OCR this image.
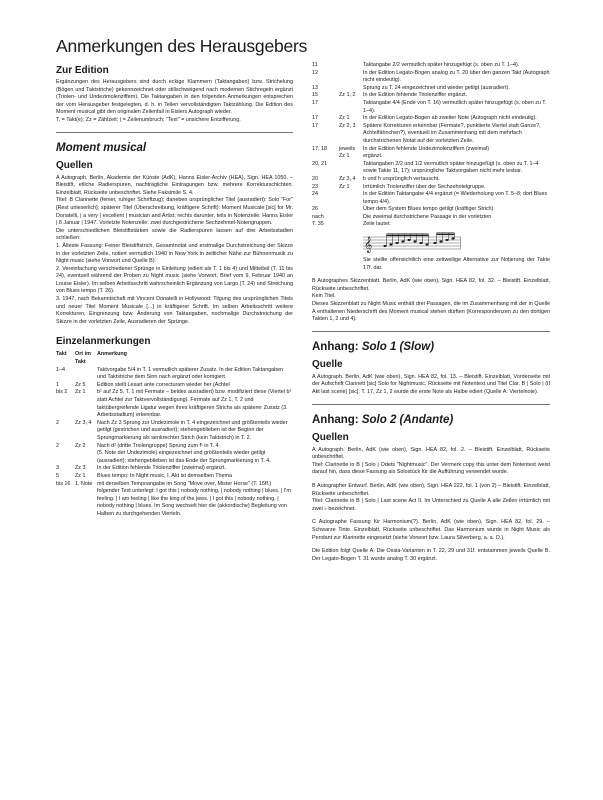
Anmerkungen des Herausgebers
Zur Edition

Ergänzungen des Herausgebers sind durch eckige Klammern (Taktangaben) bzw. Strichelung (Bögen und Taktstriche) gekennzeichnet oder stillschweigend nach modernen Stichregeln ergänzt (Triolen- und Undezimolenziffern). Die Taktangaben in den folgenden Anmerkungen entsprechen der vom Herausgeber festgelegten, d. h. in Teilen vervollständigten Taktzählung. Die Edition des Moment musical gibt den originalen Zeilenfall in Eislers Autograph wieder.

T. = Takt(e); Zz = Zählzeit; | = Zeilenumbruch; "Text" = unsichere Entzifferung.

Moment musical
Quellen

A Autograph. Berlin, Akademie der Künste (AdK), Hanns Eisler-Archiv (HEA), Sign. HEA 1050. – Bleistift, etliche Radierspuren, nachträgliche Eintragungen bzw. mehrere Korrekturschichten. Einzelblatt, Rückseite unbeschriftet. Siehe Faksimile S. 4.

Titel: B Clarinette (feiner, ruhiger Schriftzug); daneben ursprünglicher Titel (ausradiert): Solo "For" [Rest unleserlich]; späterer Titel (Überschreibung, kräftigere Schrift): Moment Musicale [sic] for Mr. Donatelli, | a very | excellent | musician and Artist; rechts darunter, teils in Notenzeile: Hanns Eisler | 8 Januar | 1947. Vorletzte Notenzeile: zwei durchgestrichene Sechzehntel-Notengruppen.

Die unterschiedlichen Bleistiftstärken sowie die Radierspuren lassen auf drei Arbeitsstadien schließen:

1. Älteste Fassung: Feiner Bleistiftstrich, Gesamtnotat und erstmalige Durchstreichung der Skizze in der vorletzten Zeile, notiert vermutlich 1940 in New York in zeitlicher Nähe zur Bühnenmusik zu Night music (siehe Vorwort und Quelle B).

2. Vereinfachung verschiedener Sprünge in Einleitung (ediert als T. 1 bis 4) und Mittelteil (T. 11 bis 24), eventuell während der Proben zu Night music (siehe Vorwort, Brief vom 9. Februar 1940 an Louise Eisler). Im selben Arbeitsschritt wahrscheinlich Ergänzung von Largo (T. 24) und Streichung von Blues tempo (T. 26).

3. 1947, nach Bekanntschaft mit Vincent Donatelli in Hollywood: Tilgung des ursprünglichen Titels und neuer Titel Moment Musicale [...] in kräftigerer Schrift. Im selben Arbeitsschritt weitere Korrekturen, Eingrenzung bzw. Änderung von Taktangaben, nochmalige Durchstreichung der Skizze in der vorletzten Zeile, Ausradieren der Sprünge.

Einzelanmerkungen
Takt	Ort im Takt	Anmerkung
1–4		Taktvorgabe 5/4 in T. 1 vermutlich späterer Zusatz. In der Edition Taktangaben und Taktstriche dem Sinn nach ergänzt oder korrigiert.
1	Zz 5	Edition stellt Lesart ante correcturam wieder her (Achtel
bis 2	Zz 1	b¹ auf Zz 5, T. 1 mit Fermate – beides ausradiert) bzw. modifiziert diese (Viertel b¹ statt Achtel zur Taktvervollständigung). Fermate auf Zz 1, T. 2 und taktübergreifende Ligatur wegen ihres kräftigeren Strichs als späterer Zusatz (3. Arbeitsstadium) erkennbar.
2	Zz 3, 4	Nach Zz 3 Sprung zur Undezimole in T. 4 eingezeichnet und größtenteils wieder getilgt (gestrichen und ausradiert); stehengeblieben ist der Beginn der Sprungmarkierung als senkrechter Strich (kein Taktstrich) in T. 2.
2	Zz 2	Nach d² (dritte Triolengruppe) Sprung zum f¹ in T. 4
		(5. Note der Undezimole) eingezeichnet und größtenteils wieder getilgt (ausradiert); stehengeblieben ist das Ende der Sprungmarkierung in T. 4.
3	Zz 3	In der Edition fehlende Triolenziffer (zweimal) ergänzt.
5	Zz 1	Blues tempo: In Night music, I. Akt ist demselben Thema
bis 16	1. Note	mit derselben Tempoangabe im Song "Move over, Mister Horse" (T. 15ff.) folgender Text unterlegt: I got this | nobody nothing, | nobody nothing | blues. | I'm feeling. | I am feeling | like the king of the jews. | I got this | nobody nothing, | nobody nothing | blues. Im Song wechselt hier die (akkordische) Begleitung von Halben zu durchgehenden Vierteln.
11		Taktangabe 2/2 vermutlich später hinzugefügt (s. oben zu T. 1–4).
12		In der Edition Legato-Bogen analog zu T. 20 über den ganzen Takt (Autograph nicht eindeutig).
13		Sprung zu T. 24 eingezeichnet und wieder getilgt (ausradiert).
15	Zz 1, 2	In der Edition fehlende Triolenziffer ergänzt.
17		Taktangabe 4/4 (Ende von T. 16) vermutlich später hinzugefügt (s. oben zu T. 1–4).
17	Zz 1	In der Edition Legato-Bogen ab zweiter Note (Autograph nicht eindeutig).
17	Zz 2, 3	Spätere Korrekturen erkennbar (Fermate?, punktierte Viertel statt Ganze?, Achtelfähnchen?), eventuell im Zusammenhang mit dem mehrfach durchstrichenen Notat auf der vorletzten Zeile.
17, 18	jeweils	In der Edition fehlende Undezimolenziffern (zweimal)
	Zz 1	ergänzt.
20, 21		Taktangaben 2/2 und 1/2 vermutlich später hinzugefügt (s. oben zu T. 1–4 sowie Takte 11, 17); ursprüngliche Taktvorgaben nicht mehr lesbar.
20	Zz 3, 4	b und h ursprünglich vertauscht.
23	Zz 1	Irrtümlich Triolenziffer über der Sechzehntelgruppe.
24		In der Edition Taktangabe 4/4 ergänzt (= Wiederholung von T. 5–8; dort Blues tempo 4/4).
26		Über dem System Blues tempo getilgt (kräftiger Strich).
nach		Die zweimal durchstrichene Passage in der vorletzten
T. 35		Zeile lautet:
𝄞

Sie stellte offensichtlich eine zeitweilige Alternative zur Notierung der Takte 17f. dar.

B Autographes Skizzenblatt. Berlin, AdK (wie oben), Sign. HEA 82, fol. 32. – Bleistift. Einzelblatt, Rückseite unbeschriftet.

Kein Titel.

Dieses Skizzenblatt zu Night Music enthält drei Passagen, die im Zusammenhang mit der in Quelle A enthaltenen Niederschrift des Moment musical stehen dürften (Korrespondenzen zu den dortigen Takten 1, 2 und 4).

Anhang: Solo 1 (Slow)
Quelle

A Autograph. Berlin, AdK (wie oben), Sign. HEA 82, fol. 13. – Bleistift. Einzelblatt, Vorderseite mit der Aufschrift Clarinett [sic] Solo for Nightmusic, Rückseite mit Notentext und Titel Clar. B | Solo | (II Akt last scene) [sic]. T. 17, Zz 1, 2 wurde die erste Note als Halbe ediert (Quelle A: Viertelnote).

Anhang: Solo 2 (Andante)
Quellen

A Autograph. Berlin, AdK (wie oben), Sign. HEA 82, fol. 2. – Bleistift. Einzelblatt, Rückseite unbeschriftet.

Titel: Clarinette in B | Solo | Odets "Nightmusic". Der Vermerk copy this unter dem Notentext weist darauf hin, dass diese Fassung als Solostück für die Aufführung verwendet wurde.

B Autographer Entwurf. Berlin, AdK (wie oben), Sign. HEA 222, fol. 1 (von 2) – Bleistift. Einzelblatt, Rückseite unbeschriftet.

Titel: Clarinette in B | Solo | Last scene Act II. Im Unterschied zu Quelle A alle Zeilen irrtümlich mit zwei ♭ bezeichnet.

C Autographe Fassung für Harmonium(?). Berlin, AdK (wie oben), Sign. HEA 82, fol. 29. – Schwarze Tinte. Einzelblatt, Rückseite unbeschriftet. Das Harmonium wurde in Night Music als Pendant zur Klarinette eingesetzt (siehe Vorwort bzw. Laura Silverberg, a. a. O.).

Die Edition folgt Quelle A. Die Ossia-Varianten in T. 22, 29 und 31f. entstammen jeweils Quelle B. Der Legato-Bogen T. 31 wurde analog T. 30 ergänzt.
